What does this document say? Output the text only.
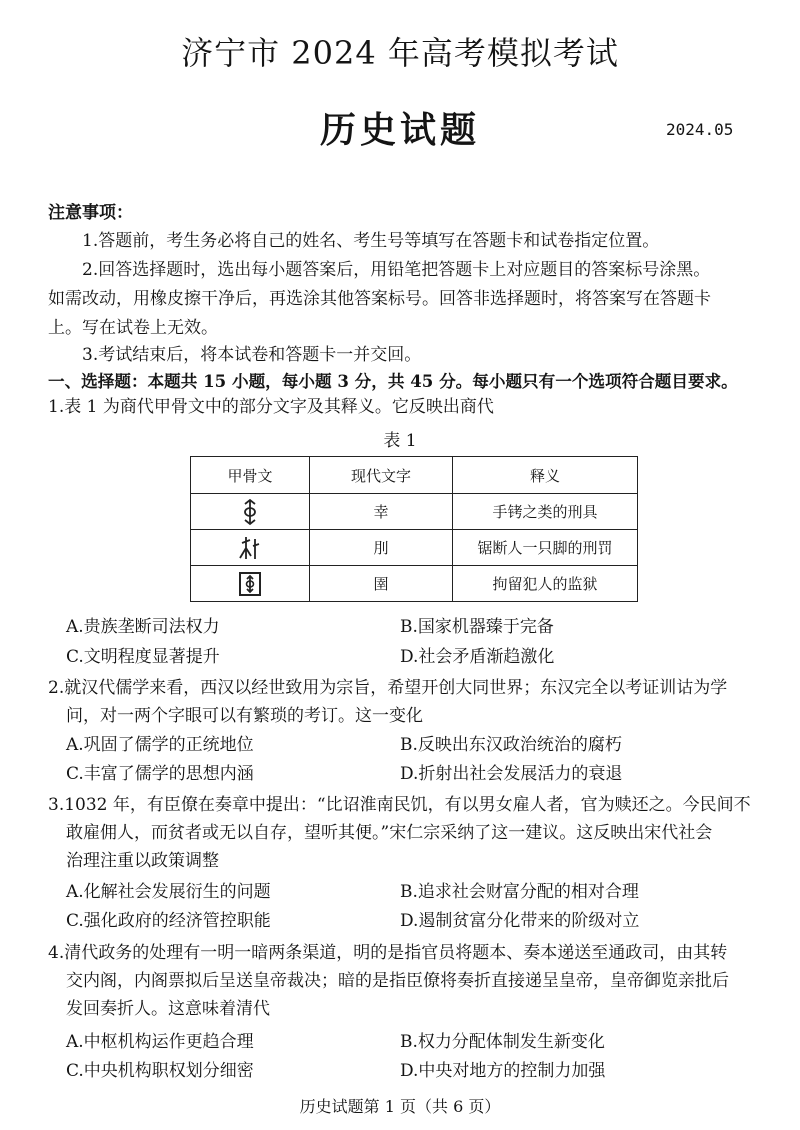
济宁市 2024 年高考模拟考试
历史试题	2024.05
注意事项：
1.答题前，考生务必将自己的姓名、考生号等填写在答题卡和试卷指定位置。
2.回答选择题时，选出每小题答案后，用铅笔把答题卡上对应题目的答案标号涂黑。
如需改动，用橡皮擦干净后，再选涂其他答案标号。回答非选择题时，将答案写在答题卡
上。写在试卷上无效。
3.考试结束后，将本试卷和答题卡一并交回。
一、选择题：本题共 15 小题，每小题 3 分，共 45 分。每小题只有一个选项符合题目要求。
1.表 1 为商代甲骨文中的部分文字及其释义。它反映出商代
表 1
甲骨文	现代文字	释义
	幸	手铐之类的刑具
	刖	锯断人一只脚的刑罚
	圉	拘留犯人的监狱
A.贵族垄断司法权力	B.国家机器臻于完备
C.文明程度显著提升	D.社会矛盾渐趋激化
2.就汉代儒学来看，西汉以经世致用为宗旨，希望开创大同世界；东汉完全以考证训诂为学
问，对一两个字眼可以有繁琐的考订。这一变化
A.巩固了儒学的正统地位	B.反映出东汉政治统治的腐朽
C.丰富了儒学的思想内涵	D.折射出社会发展活力的衰退
3.1032 年，有臣僚在奏章中提出：“比诏淮南民饥，有以男女雇人者，官为赎还之。今民间不
敢雇佣人，而贫者或无以自存，望听其便。”宋仁宗采纳了这一建议。这反映出宋代社会
治理注重以政策调整
A.化解社会发展衍生的问题	B.追求社会财富分配的相对合理
C.强化政府的经济管控职能	D.遏制贫富分化带来的阶级对立
4.清代政务的处理有一明一暗两条渠道，明的是指官员将题本、奏本递送至通政司，由其转
交内阁，内阁票拟后呈送皇帝裁决；暗的是指臣僚将奏折直接递呈皇帝，皇帝御览亲批后
发回奏折人。这意味着清代
A.中枢机构运作更趋合理	B.权力分配体制发生新变化
C.中央机构职权划分细密	D.中央对地方的控制力加强
历史试题第 1 页（共 6 页）
